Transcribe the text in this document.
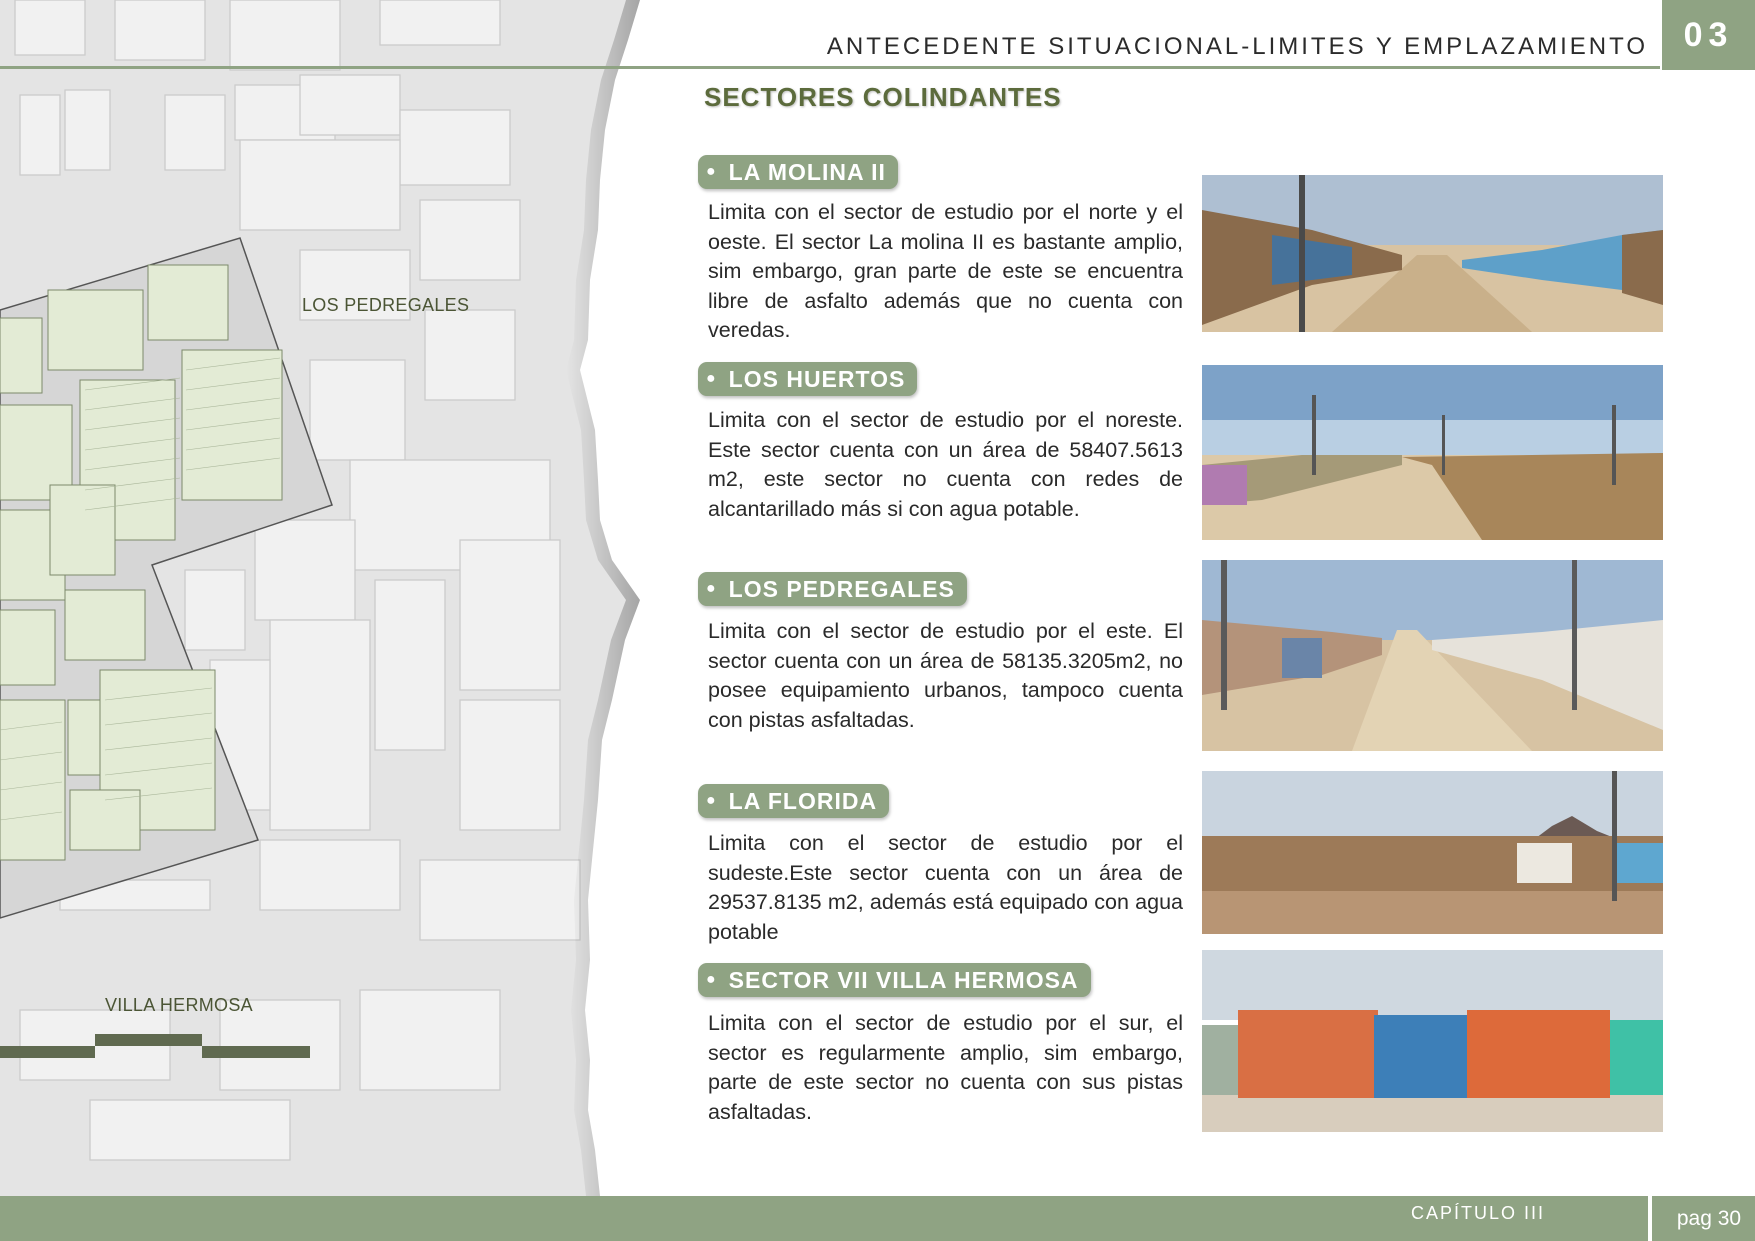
LOS PEDREGALES
VILLA HERMOSA
ANTECEDENTE SITUACIONAL-LIMITES Y EMPLAZAMIENTO	03
SECTORES COLINDANTES
● LA MOLINA II
Limita con el sector de estudio por el norte y el oeste. El sector La molina II es bastante amplio, sim embargo, gran parte de este se encuentra libre de asfalto además que no cuenta con veredas.
● LOS HUERTOS
Limita con el sector de estudio por el noreste. Este sector cuenta con un área de 58407.5613 m2, este sector no cuenta con redes de alcantarillado más si con agua potable.
● LOS PEDREGALES
Limita con el sector de estudio por el este. El sector cuenta con un área de 58135.3205m2, no posee equipamiento urbanos, tampoco cuenta con pistas asfaltadas.
● LA FLORIDA
Limita con el sector de estudio por el sudeste.Este sector cuenta con un área de 29537.8135 m2, además está equipado con agua potable
● SECTOR VII VILLA HERMOSA
Limita con el sector de estudio por el sur, el sector es regularmente amplio, sim embargo, parte de este sector no cuenta con sus pistas asfaltadas.
CAPÍTULO III	pag 30
